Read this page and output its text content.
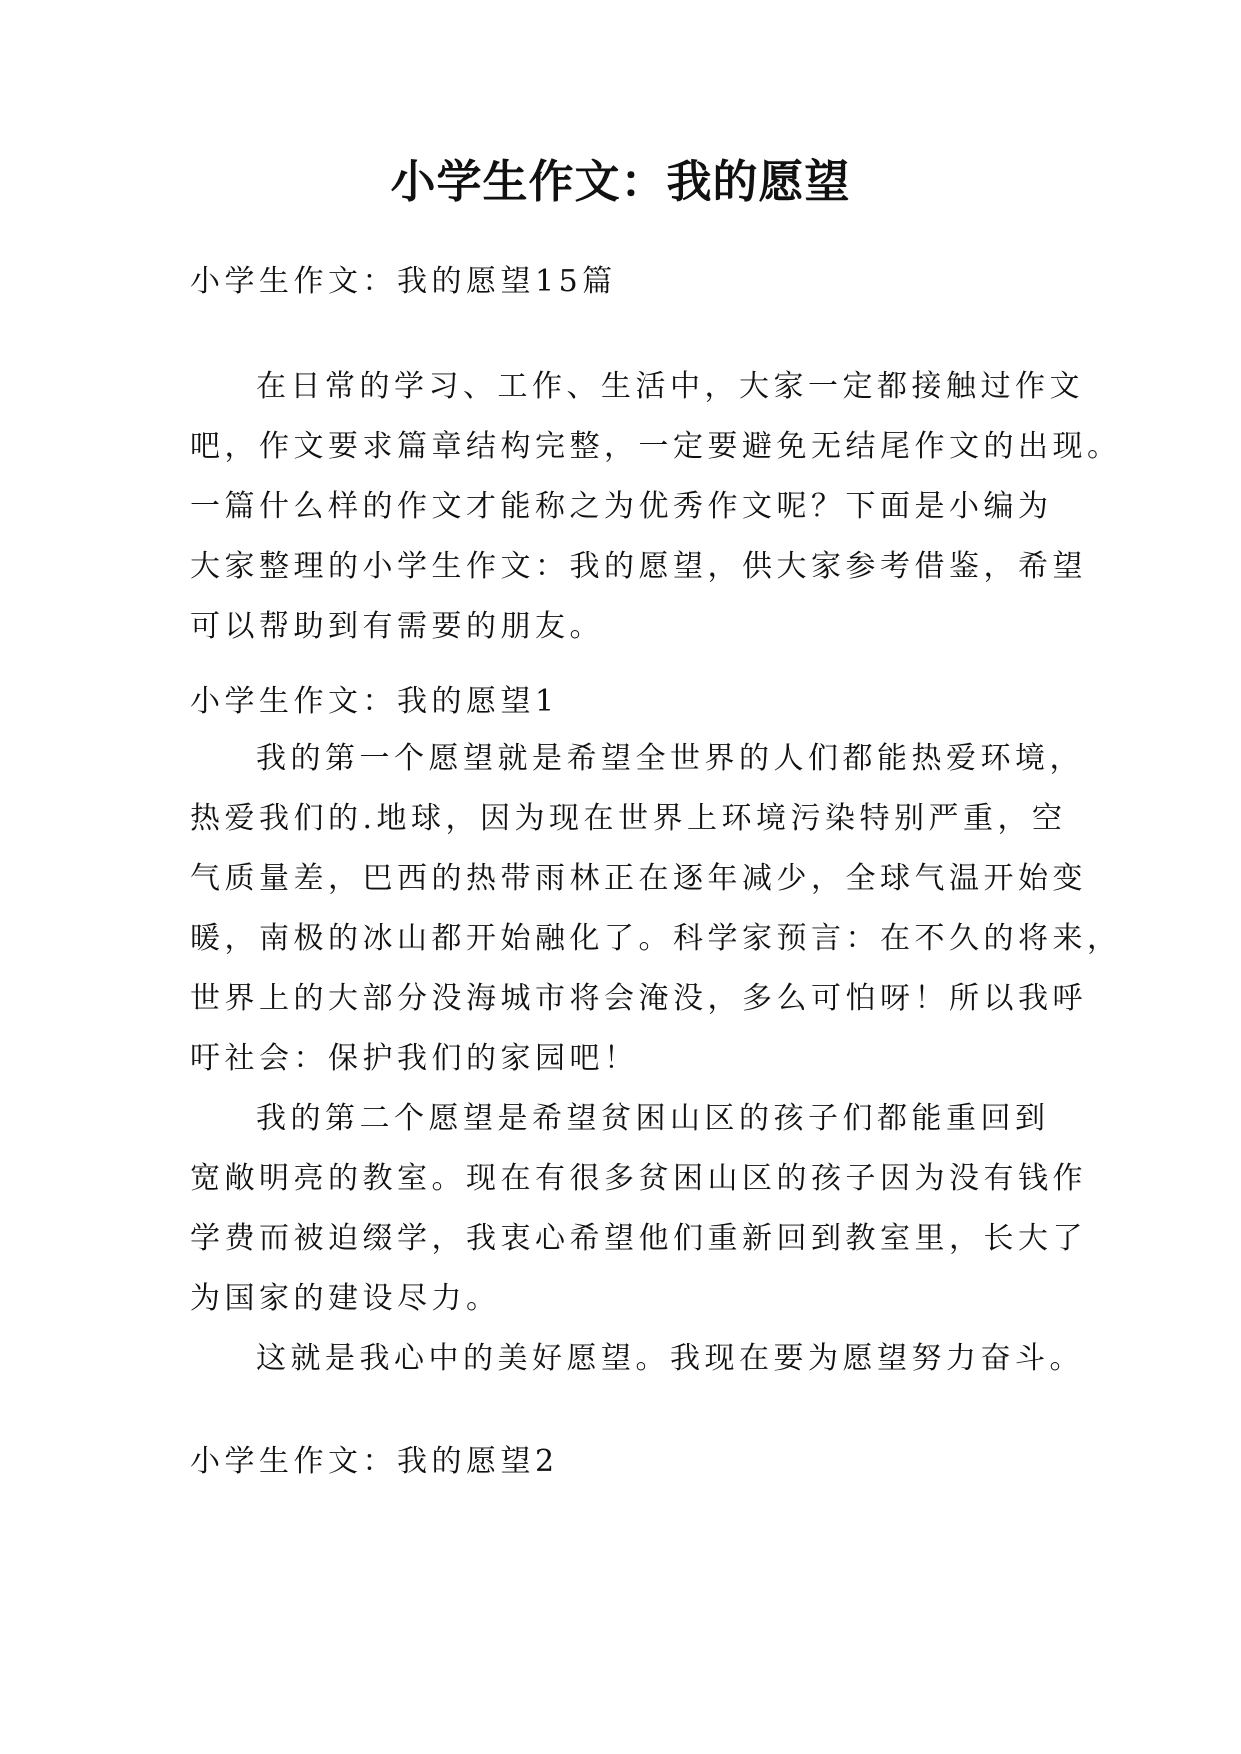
小学生作文：我的愿望
小学生作文：我的愿望15篇
在日常的学习、工作、生活中，大家一定都接触过作文
吧，作文要求篇章结构完整，一定要避免无结尾作文的出现。
一篇什么样的作文才能称之为优秀作文呢？下面是小编为
大家整理的小学生作文：我的愿望，供大家参考借鉴，希望
可以帮助到有需要的朋友。
小学生作文：我的愿望1
我的第一个愿望就是希望全世界的人们都能热爱环境，
热爱我们的.地球，因为现在世界上环境污染特别严重，空
气质量差，巴西的热带雨林正在逐年减少，全球气温开始变
暖，南极的冰山都开始融化了。科学家预言：在不久的将来，
世界上的大部分没海城市将会淹没，多么可怕呀！所以我呼
吁社会：保护我们的家园吧！
我的第二个愿望是希望贫困山区的孩子们都能重回到
宽敞明亮的教室。现在有很多贫困山区的孩子因为没有钱作
学费而被迫缀学，我衷心希望他们重新回到教室里，长大了
为国家的建设尽力。
这就是我心中的美好愿望。我现在要为愿望努力奋斗。
小学生作文：我的愿望2
